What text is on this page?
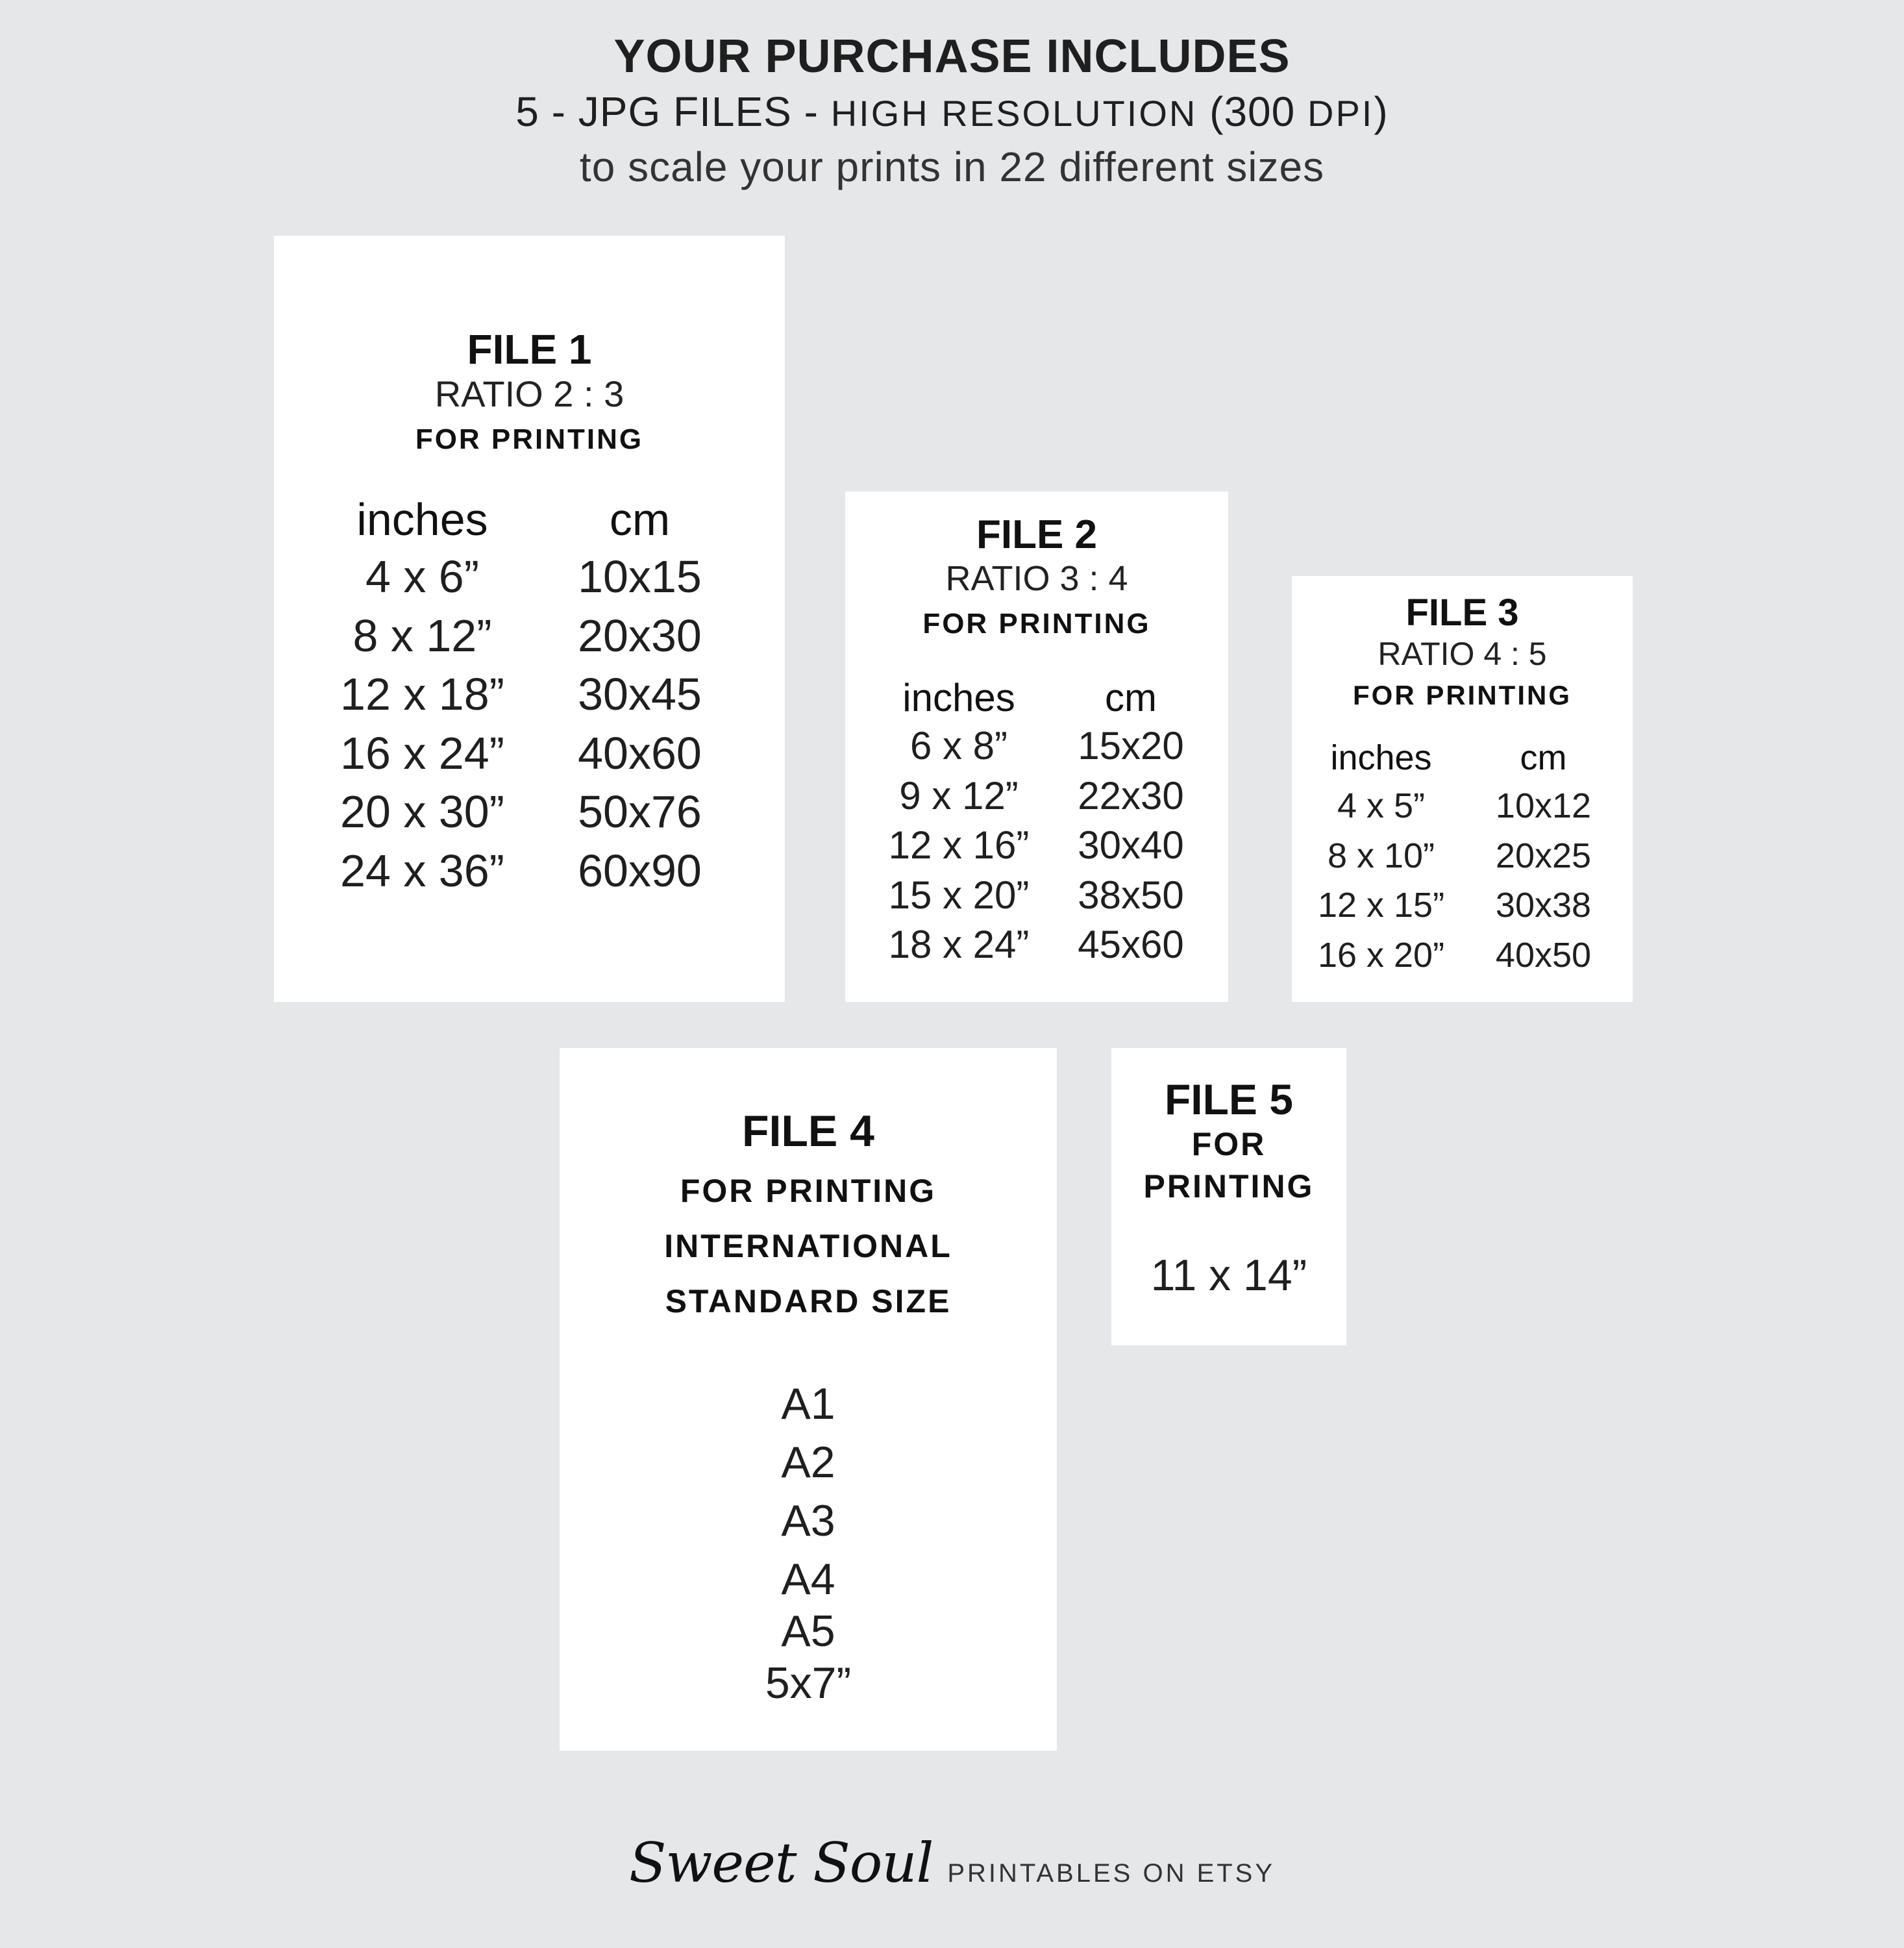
YOUR PURCHASE INCLUDES
5 - JPG FILES - HIGH RESOLUTION (300 DPI)
to scale your prints in 22 different sizes
FILE 1
RATIO 2 : 3
FOR PRINTING
inches	cm
4 x 6”	10x15
8 x 12”	20x30
12 x 18”	30x45
16 x 24”	40x60
20 x 30”	50x76
24 x 36”	60x90
FILE 2
RATIO 3 : 4
FOR PRINTING
inches	cm
6 x 8”	15x20
9 x 12”	22x30
12 x 16”	30x40
15 x 20”	38x50
18 x 24”	45x60
FILE 3
RATIO 4 : 5
FOR PRINTING
inches	cm
4 x 5”	10x12
8 x 10”	20x25
12 x 15”	30x38
16 x 20”	40x50
FILE 4
FOR PRINTING
INTERNATIONAL
STANDARD SIZE
A1
A2
A3
A4
A5
5x7”
FILE 5
FOR
PRINTING
11 x 14”
Sweet Soul PRINTABLES ON ETSY
